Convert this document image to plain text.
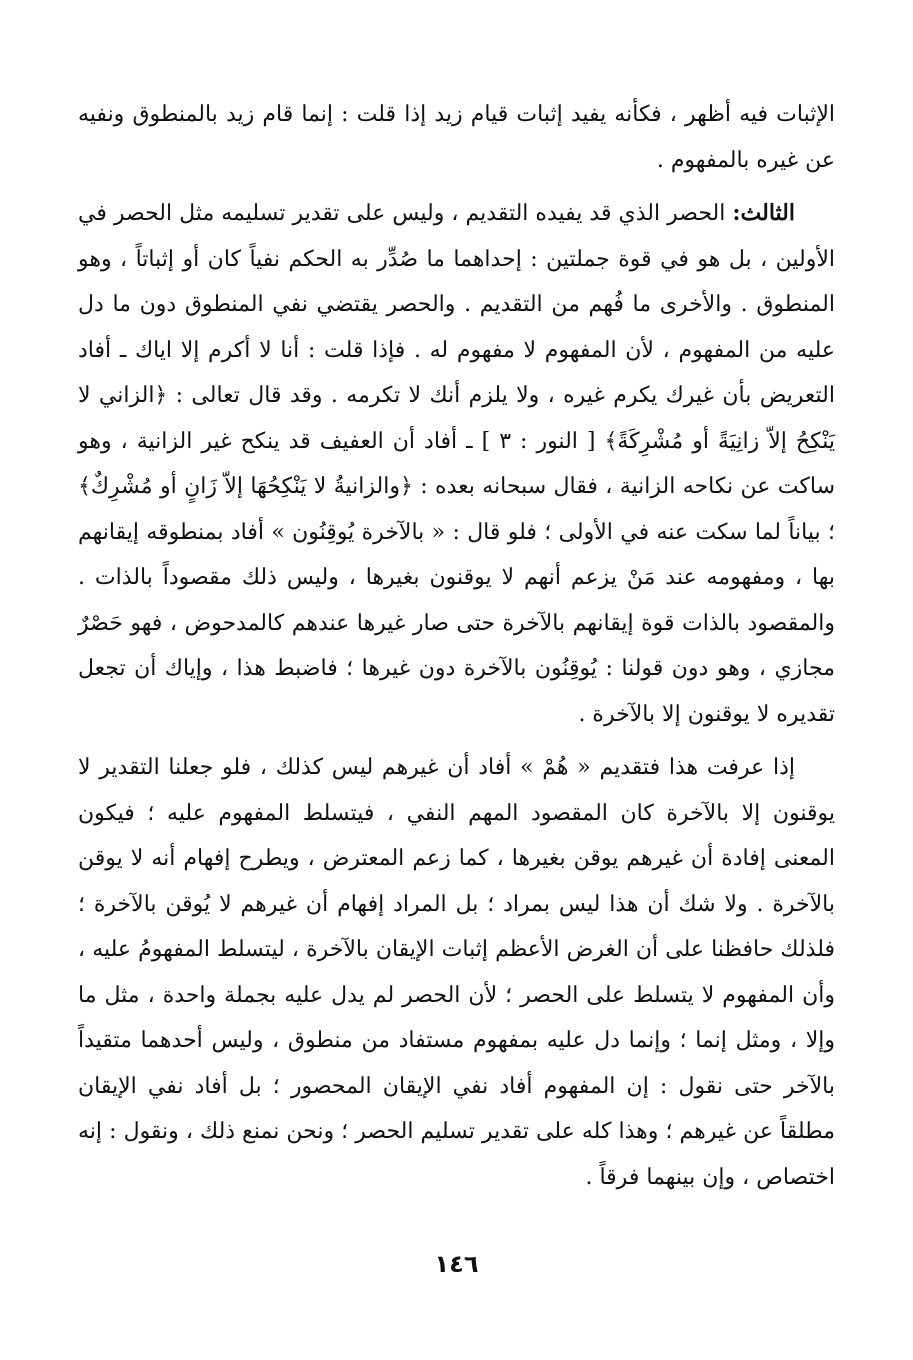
الإثبات فيه أظهر ، فكأنه يفيد إثبات قيام زيد إذا قلت : إنما قام زيد بالمنطوق ونفيه عن غيره بالمفهوم .

الثالث: الحصر الذي قد يفيده التقديم ، وليس على تقدير تسليمه مثل الحصر في الأولين ، بل هو في قوة جملتين : إحداهما ما صُدِّر به الحكم نفياً كان أو إثباتاً ، وهو المنطوق . والأخرى ما فُهم من التقديم . والحصر يقتضي نفي المنطوق دون ما دل عليه من المفهوم ، لأن المفهوم لا مفهوم له . فإذا قلت : أنا لا أكرم إلا اياك ـ أفاد التعريض بأن غيرك يكرم غيره ، ولا يلزم أنك لا تكرمه . وقد قال تعالى : ﴿الزاني لا يَنْكِحُ إلاّ زانِيَةً أو مُشْرِكَةً﴾ [ النور : ٣ ] ـ أفاد أن العفيف قد ينكح غير الزانية ، وهو ساكت عن نكاحه الزانية ، فقال سبحانه بعده : ﴿والزانيةُ لا يَنْكِحُهَا إلاّ زَانٍ أو مُشْرِكٌ﴾ ؛ بياناً لما سكت عنه في الأولى ؛ فلو قال : « بالآخرة يُوقِنُون » أفاد بمنطوقه إيقانهم بها ، ومفهومه عند مَنْ يزعم أنهم لا يوقنون بغيرها ، وليس ذلك مقصوداً بالذات . والمقصود بالذات قوة إيقانهم بالآخرة حتى صار غيرها عندهم كالمدحوض ، فهو حَصْرٌ مجازي ، وهو دون قولنا : يُوقِنُون بالآخرة دون غيرها ؛ فاضبط هذا ، وإياك أن تجعل تقديره لا يوقنون إلا بالآخرة .

إذا عرفت هذا فتقديم « هُمْ » أفاد أن غيرهم ليس كذلك ، فلو جعلنا التقدير لا يوقنون إلا بالآخرة كان المقصود المهم النفي ، فيتسلط المفهوم عليه ؛ فيكون المعنى إفادة أن غيرهم يوقن بغيرها ، كما زعم المعترض ، ويطرح إفهام أنه لا يوقن بالآخرة . ولا شك أن هذا ليس بمراد ؛ بل المراد إفهام أن غيرهم لا يُوقن بالآخرة ؛ فلذلك حافظنا على أن الغرض الأعظم إثبات الإيقان بالآخرة ، ليتسلط المفهومُ عليه ، وأن المفهوم لا يتسلط على الحصر ؛ لأن الحصر لم يدل عليه بجملة واحدة ، مثل ما وإلا ، ومثل إنما ؛ وإنما دل عليه بمفهوم مستفاد من منطوق ، وليس أحدهما متقيداً بالآخر حتى نقول : إن المفهوم أفاد نفي الإيقان المحصور ؛ بل أفاد نفي الإيقان مطلقاً عن غيرهم ؛ وهذا كله على تقدير تسليم الحصر ؛ ونحن نمنع ذلك ، ونقول : إنه اختصاص ، وإن بينهما فرقاً .

١٤٦
